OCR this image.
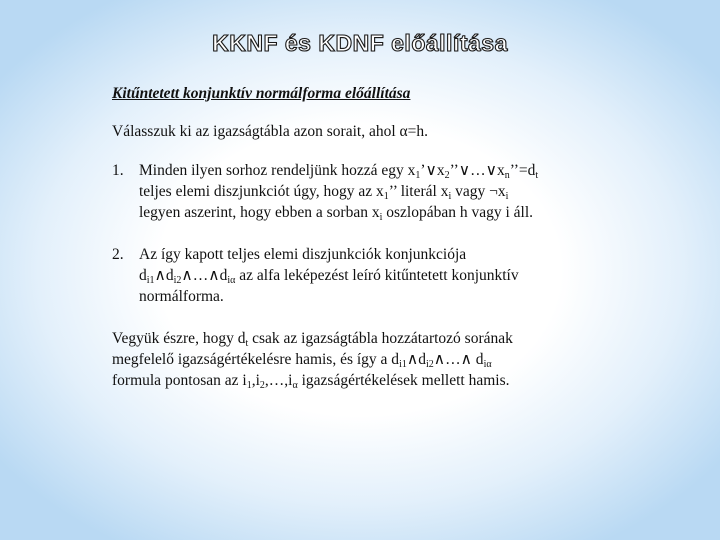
KKNF és KDNF előállítása

Kitűntetett konjunktív normálforma előállítása

Válasszuk ki az igazságtábla azon sorait, ahol α=h.

1. Minden ilyen sorhoz rendeljünk hozzá egy $x_1’\vee x_2’’\vee\dots\vee x_n’’=d_t$
teljes elemi diszjunkciót úgy, hogy az $x_1$’’ literál $x_i$ vagy $\neg x_i$
legyen aszerint, hogy ebben a sorban $x_i$ oszlopában h vagy i áll.
2. Az így kapott teljes elemi diszjunkciók konjunkciója
$d_{i1}\wedge d_{i2}\wedge\dots\wedge d_{i\alpha}$ az alfa leképezést leíró kitűntetett konjunktív
normálforma.

Vegyük észre, hogy $d_t$ csak az igazságtábla hozzátartozó sorának
megfelelő igazságértékelésre hamis, és így a $d_{i1}\wedge d_{i2}\wedge\dots\wedge$ $d_{i\alpha}$
formula pontosan az $i_1,i_2,\dots,i_\alpha$ igazságértékelések mellett hamis.
